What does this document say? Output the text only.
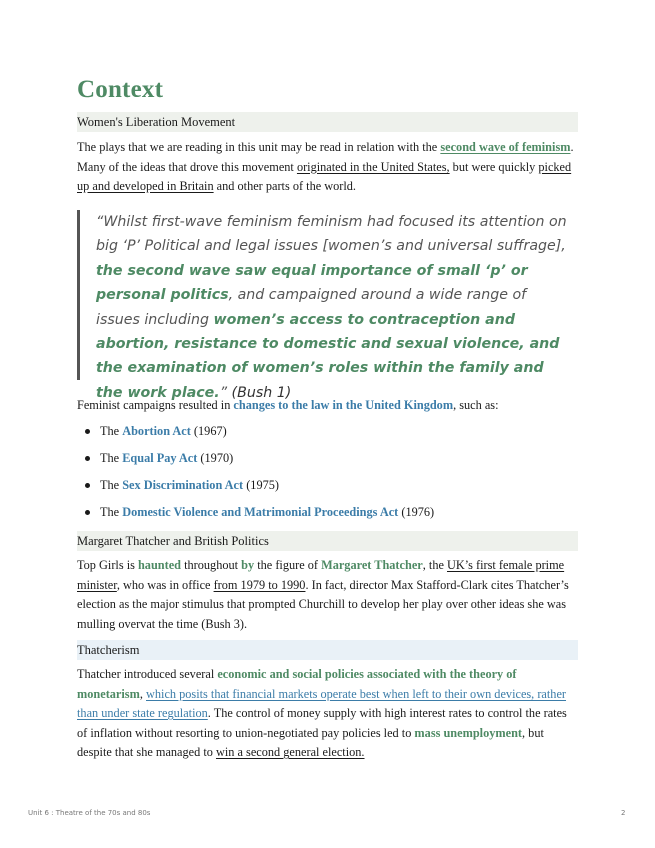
Context
Women's Liberation Movement
The plays that we are reading in this unit may be read in relation with the second wave of feminism. Many of the ideas that drove this movement originated in the United States, but were quickly picked up and developed in Britain and other parts of the world.
“Whilst first-wave feminism feminism had focused its attention on big ‘P’ Political and legal issues [women’s and universal suffrage], the second wave saw equal importance of small ‘p’ or personal politics, and campaigned around a wide range of issues including women’s access to contraception and abortion, resistance to domestic and sexual violence, and the examination of women’s roles within the family and the work place.” (Bush 1)
Feminist campaigns resulted in changes to the law in the United Kingdom, such as:
The Abortion Act (1967)
The Equal Pay Act (1970)
The Sex Discrimination Act (1975)
The Domestic Violence and Matrimonial Proceedings Act (1976)
Margaret Thatcher and British Politics
Top Girls is haunted throughout by the figure of Margaret Thatcher, the UK’s first female prime minister, who was in office from 1979 to 1990. In fact, director Max Stafford-Clark cites Thatcher’s election as the major stimulus that prompted Churchill to develop her play over other ideas she was mulling overvat the time (Bush 3).
Thatcherism
Thatcher introduced several economic and social policies associated with the theory of monetarism, which posits that financial markets operate best when left to their own devices, rather than under state regulation. The control of money supply with high interest rates to control the rates of inflation without resorting to union-negotiated pay policies led to mass unemployment, but despite that she managed to win a second general election.
Unit 6 : Theatre of the 70s and 80s	2
